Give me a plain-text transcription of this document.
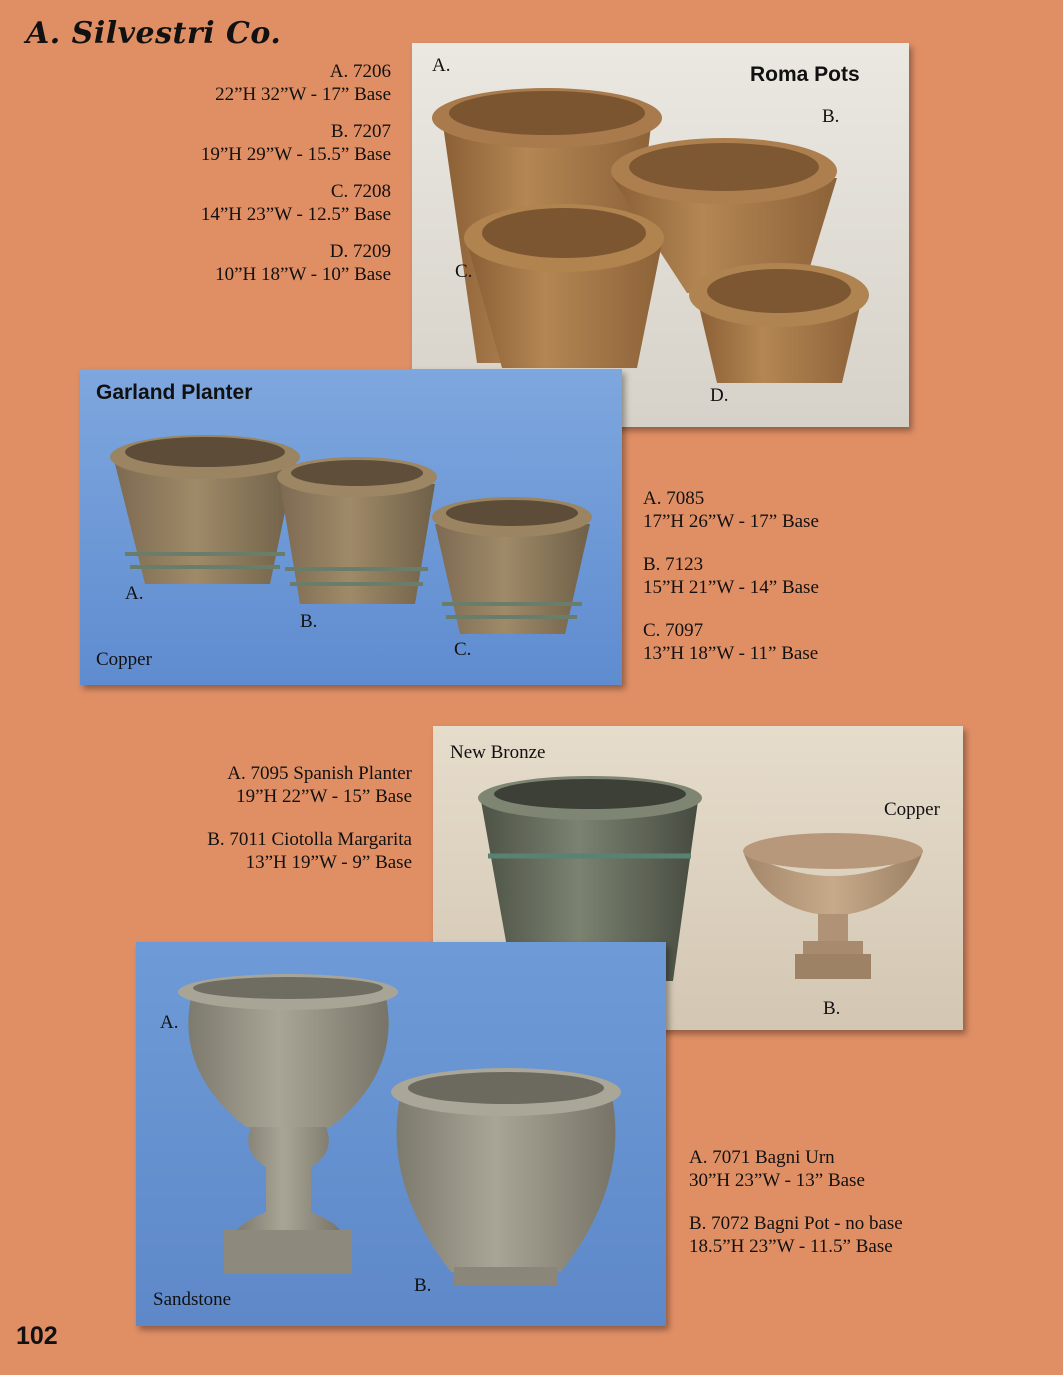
A. Silvestri Co.
A. 7206
22”H 32”W - 17” Base
B. 7207
19”H 29”W - 15.5” Base
C. 7208
14”H 23”W - 12.5” Base
D. 7209
10”H 18”W - 10” Base
Roma Pots
A.
B.
C.
D.
Garland Planter
A.
B.
C.
Copper
A. 7085
17”H 26”W - 17” Base
B. 7123
15”H 21”W - 14” Base
C. 7097
13”H 18”W - 11” Base
A. 7095 Spanish Planter
19”H 22”W - 15” Base
B. 7011 Ciotolla Margarita
13”H 19”W - 9” Base
New Bronze
Copper
B.
A.
B.
Sandstone
A. 7071 Bagni Urn
30”H 23”W - 13” Base
B. 7072 Bagni Pot - no base
18.5”H 23”W - 11.5” Base
102
